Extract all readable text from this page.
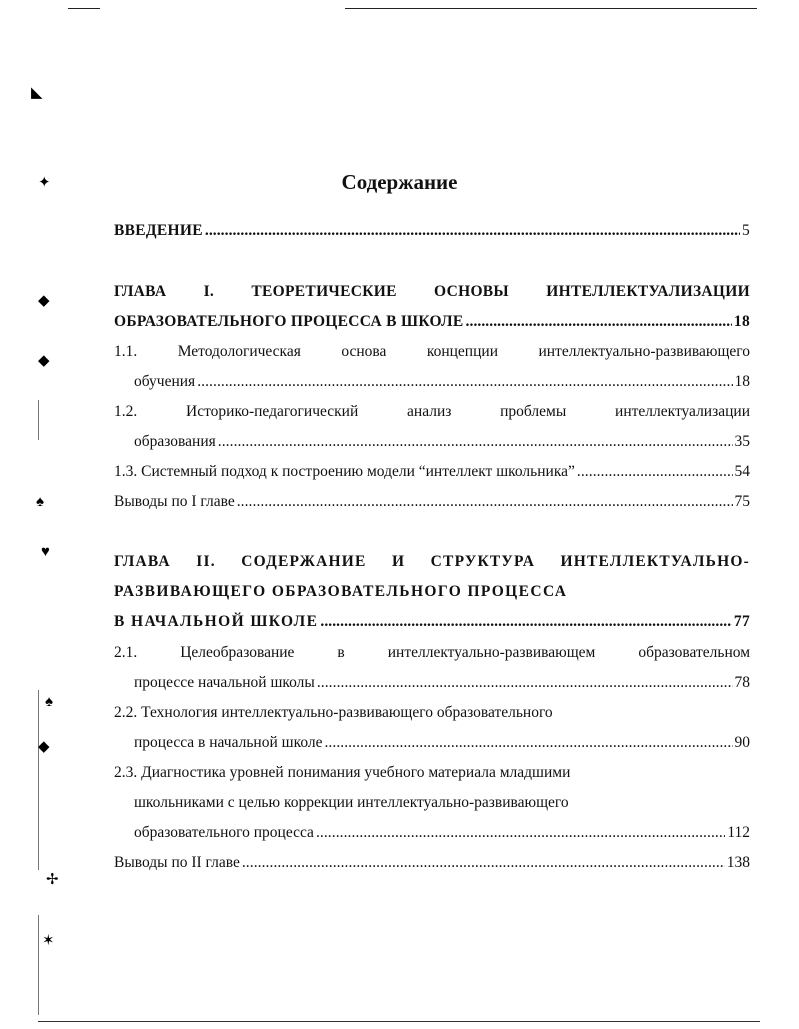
◣
✦
◆
◆
♠
♥
♠
◆
✢
✶
Содержание
ВВЕДЕНИЕ . . .	5
ГЛАВА I. ТЕОРЕТИЧЕСКИЕ ОСНОВЫ ИНТЕЛЛЕКТУАЛИЗАЦИИ
ОБРАЗОВАТЕЛЬНОГО ПРОЦЕССА В ШКОЛЕ . . .	18
1.1. Методологическая основа концепции интеллектуально-развивающего
обучения . . .	18
1.2. Историко-педагогический анализ проблемы интеллектуализации
образования . . .	35
1.3. Системный подход к построению модели “интеллект школьника” . . .	54
Выводы по I главе . . .	75
ГЛАВА II. СОДЕРЖАНИЕ И СТРУКТУРА ИНТЕЛЛЕКТУАЛЬНО-
РАЗВИВАЮЩЕГО ОБРАЗОВАТЕЛЬНОГО ПРОЦЕССА
В НАЧАЛЬНОЙ ШКОЛЕ . . .	77
2.1. Целеобразование в интеллектуально-развивающем образовательном
процессе начальной школы . . .	78
2.2. Технология интеллектуально-развивающего образовательного
процесса в начальной школе . . .	90
2.3. Диагностика уровней понимания учебного материала младшими
школьниками с целью коррекции интеллектуально-развивающего
образовательного процесса . . .	112
Выводы по II главе . . .	138
